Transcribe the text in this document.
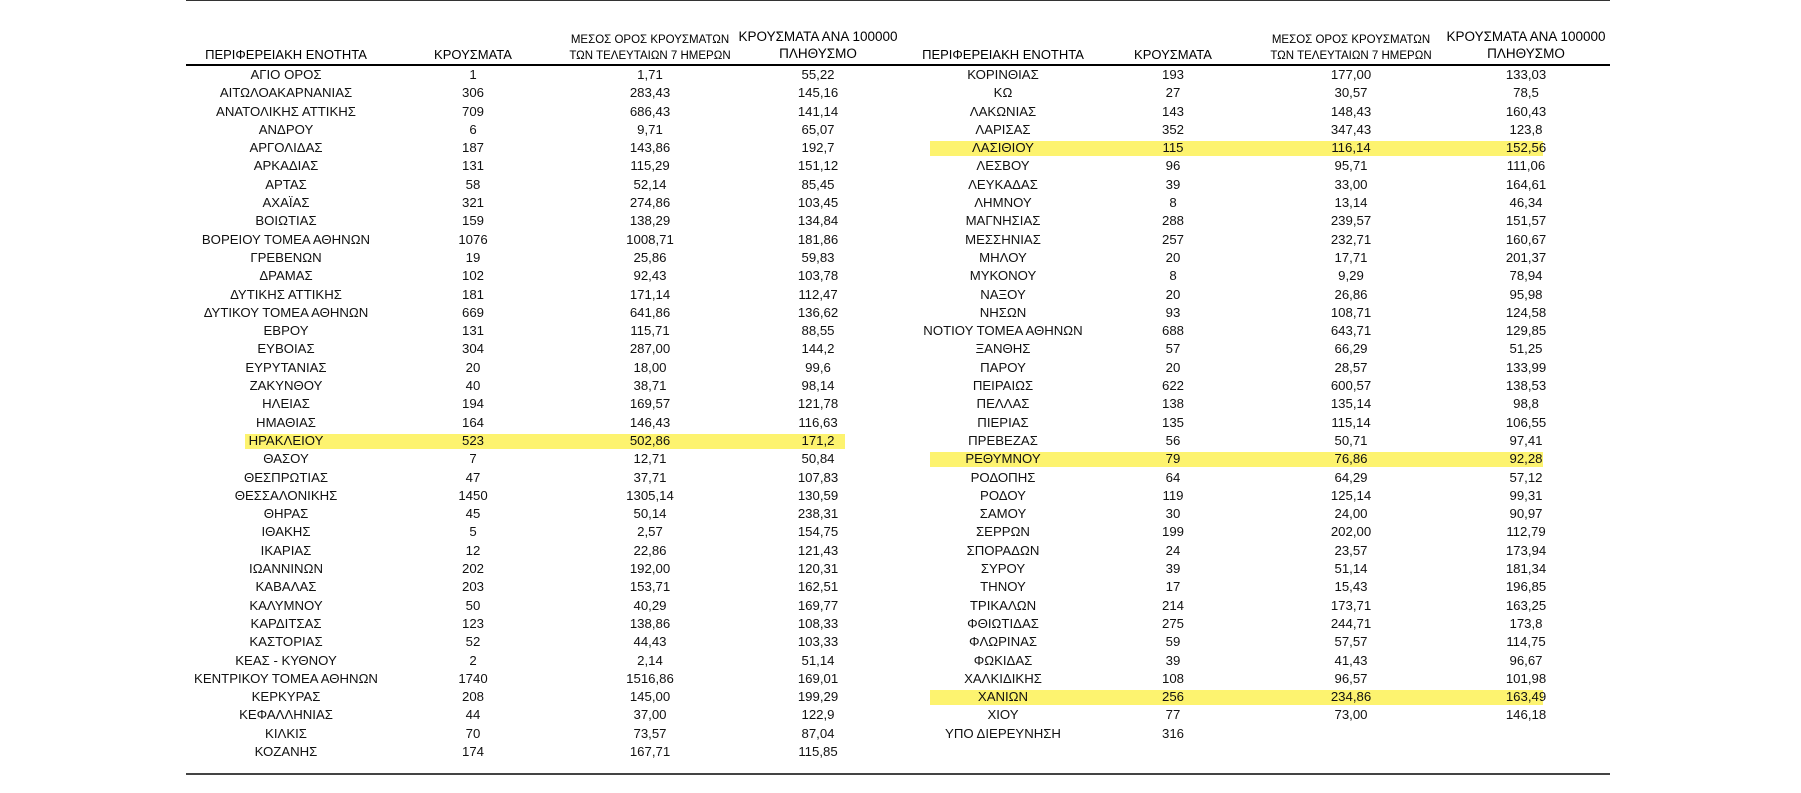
ΠΕΡΙΦΕΡΕΙΑΚΗ ΕΝΟΤΗΤΑ	ΚΡΟΥΣΜΑΤΑ
ΜΕΣΟΣ ΟΡΟΣ ΚΡΟΥΣΜΑΤΩΝ
ΤΩΝ ΤΕΛΕΥΤΑΙΩΝ 7 ΗΜΕΡΩΝ
ΚΡΟΥΣΜΑΤΑ ΑΝΑ 100000
ΠΛΗΘΥΣΜΟ	ΠΕΡΙΦΕΡΕΙΑΚΗ ΕΝΟΤΗΤΑ	ΚΡΟΥΣΜΑΤΑ
ΜΕΣΟΣ ΟΡΟΣ ΚΡΟΥΣΜΑΤΩΝ
ΤΩΝ ΤΕΛΕΥΤΑΙΩΝ 7 ΗΜΕΡΩΝ
ΚΡΟΥΣΜΑΤΑ ΑΝΑ 100000
ΠΛΗΘΥΣΜΟ
ΑΓΙΟ ΟΡΟΣ	1	1,71	55,22
ΑΙΤΩΛΟΑΚΑΡΝΑΝΙΑΣ	306	283,43	145,16
ΑΝΑΤΟΛΙΚΗΣ ΑΤΤΙΚΗΣ	709	686,43	141,14
ΑΝΔΡΟΥ	6	9,71	65,07
ΑΡΓΟΛΙΔΑΣ	187	143,86	192,7
ΑΡΚΑΔΙΑΣ	131	115,29	151,12
ΑΡΤΑΣ	58	52,14	85,45
ΑΧΑΪΑΣ	321	274,86	103,45
ΒΟΙΩΤΙΑΣ	159	138,29	134,84
ΒΟΡΕΙΟΥ ΤΟΜΕΑ ΑΘΗΝΩΝ	1076	1008,71	181,86
ΓΡΕΒΕΝΩΝ	19	25,86	59,83
ΔΡΑΜΑΣ	102	92,43	103,78
ΔΥΤΙΚΗΣ ΑΤΤΙΚΗΣ	181	171,14	112,47
ΔΥΤΙΚΟΥ ΤΟΜΕΑ ΑΘΗΝΩΝ	669	641,86	136,62
ΕΒΡΟΥ	131	115,71	88,55
ΕΥΒΟΙΑΣ	304	287,00	144,2
ΕΥΡΥΤΑΝΙΑΣ	20	18,00	99,6
ΖΑΚΥΝΘΟΥ	40	38,71	98,14
ΗΛΕΙΑΣ	194	169,57	121,78
ΗΜΑΘΙΑΣ	164	146,43	116,63
ΗΡΑΚΛΕΙΟΥ	523	502,86	171,2
ΘΑΣΟΥ	7	12,71	50,84
ΘΕΣΠΡΩΤΙΑΣ	47	37,71	107,83
ΘΕΣΣΑΛΟΝΙΚΗΣ	1450	1305,14	130,59
ΘΗΡΑΣ	45	50,14	238,31
ΙΘΑΚΗΣ	5	2,57	154,75
ΙΚΑΡΙΑΣ	12	22,86	121,43
ΙΩΑΝΝΙΝΩΝ	202	192,00	120,31
ΚΑΒΑΛΑΣ	203	153,71	162,51
ΚΑΛΥΜΝΟΥ	50	40,29	169,77
ΚΑΡΔΙΤΣΑΣ	123	138,86	108,33
ΚΑΣΤΟΡΙΑΣ	52	44,43	103,33
ΚΕΑΣ - ΚΥΘΝΟΥ	2	2,14	51,14
ΚΕΝΤΡΙΚΟΥ ΤΟΜΕΑ ΑΘΗΝΩΝ	1740	1516,86	169,01
ΚΕΡΚΥΡΑΣ	208	145,00	199,29
ΚΕΦΑΛΛΗΝΙΑΣ	44	37,00	122,9
ΚΙΛΚΙΣ	70	73,57	87,04
ΚΟΖΑΝΗΣ	174	167,71	115,85
ΚΟΡΙΝΘΙΑΣ	193	177,00	133,03
ΚΩ	27	30,57	78,5
ΛΑΚΩΝΙΑΣ	143	148,43	160,43
ΛΑΡΙΣΑΣ	352	347,43	123,8
ΛΑΣΙΘΙΟΥ	115	116,14	152,56
ΛΕΣΒΟΥ	96	95,71	111,06
ΛΕΥΚΑΔΑΣ	39	33,00	164,61
ΛΗΜΝΟΥ	8	13,14	46,34
ΜΑΓΝΗΣΙΑΣ	288	239,57	151,57
ΜΕΣΣΗΝΙΑΣ	257	232,71	160,67
ΜΗΛΟΥ	20	17,71	201,37
ΜΥΚΟΝΟΥ	8	9,29	78,94
ΝΑΞΟΥ	20	26,86	95,98
ΝΗΣΩΝ	93	108,71	124,58
ΝΟΤΙΟΥ ΤΟΜΕΑ ΑΘΗΝΩΝ	688	643,71	129,85
ΞΑΝΘΗΣ	57	66,29	51,25
ΠΑΡΟΥ	20	28,57	133,99
ΠΕΙΡΑΙΩΣ	622	600,57	138,53
ΠΕΛΛΑΣ	138	135,14	98,8
ΠΙΕΡΙΑΣ	135	115,14	106,55
ΠΡΕΒΕΖΑΣ	56	50,71	97,41
ΡΕΘΥΜΝΟΥ	79	76,86	92,28
ΡΟΔΟΠΗΣ	64	64,29	57,12
ΡΟΔΟΥ	119	125,14	99,31
ΣΑΜΟΥ	30	24,00	90,97
ΣΕΡΡΩΝ	199	202,00	112,79
ΣΠΟΡΑΔΩΝ	24	23,57	173,94
ΣΥΡΟΥ	39	51,14	181,34
ΤΗΝΟΥ	17	15,43	196,85
ΤΡΙΚΑΛΩΝ	214	173,71	163,25
ΦΘΙΩΤΙΔΑΣ	275	244,71	173,8
ΦΛΩΡΙΝΑΣ	59	57,57	114,75
ΦΩΚΙΔΑΣ	39	41,43	96,67
ΧΑΛΚΙΔΙΚΗΣ	108	96,57	101,98
ΧΑΝΙΩΝ	256	234,86	163,49
ΧΙΟΥ	77	73,00	146,18
ΥΠΟ ΔΙΕΡΕΥΝΗΣΗ	316
